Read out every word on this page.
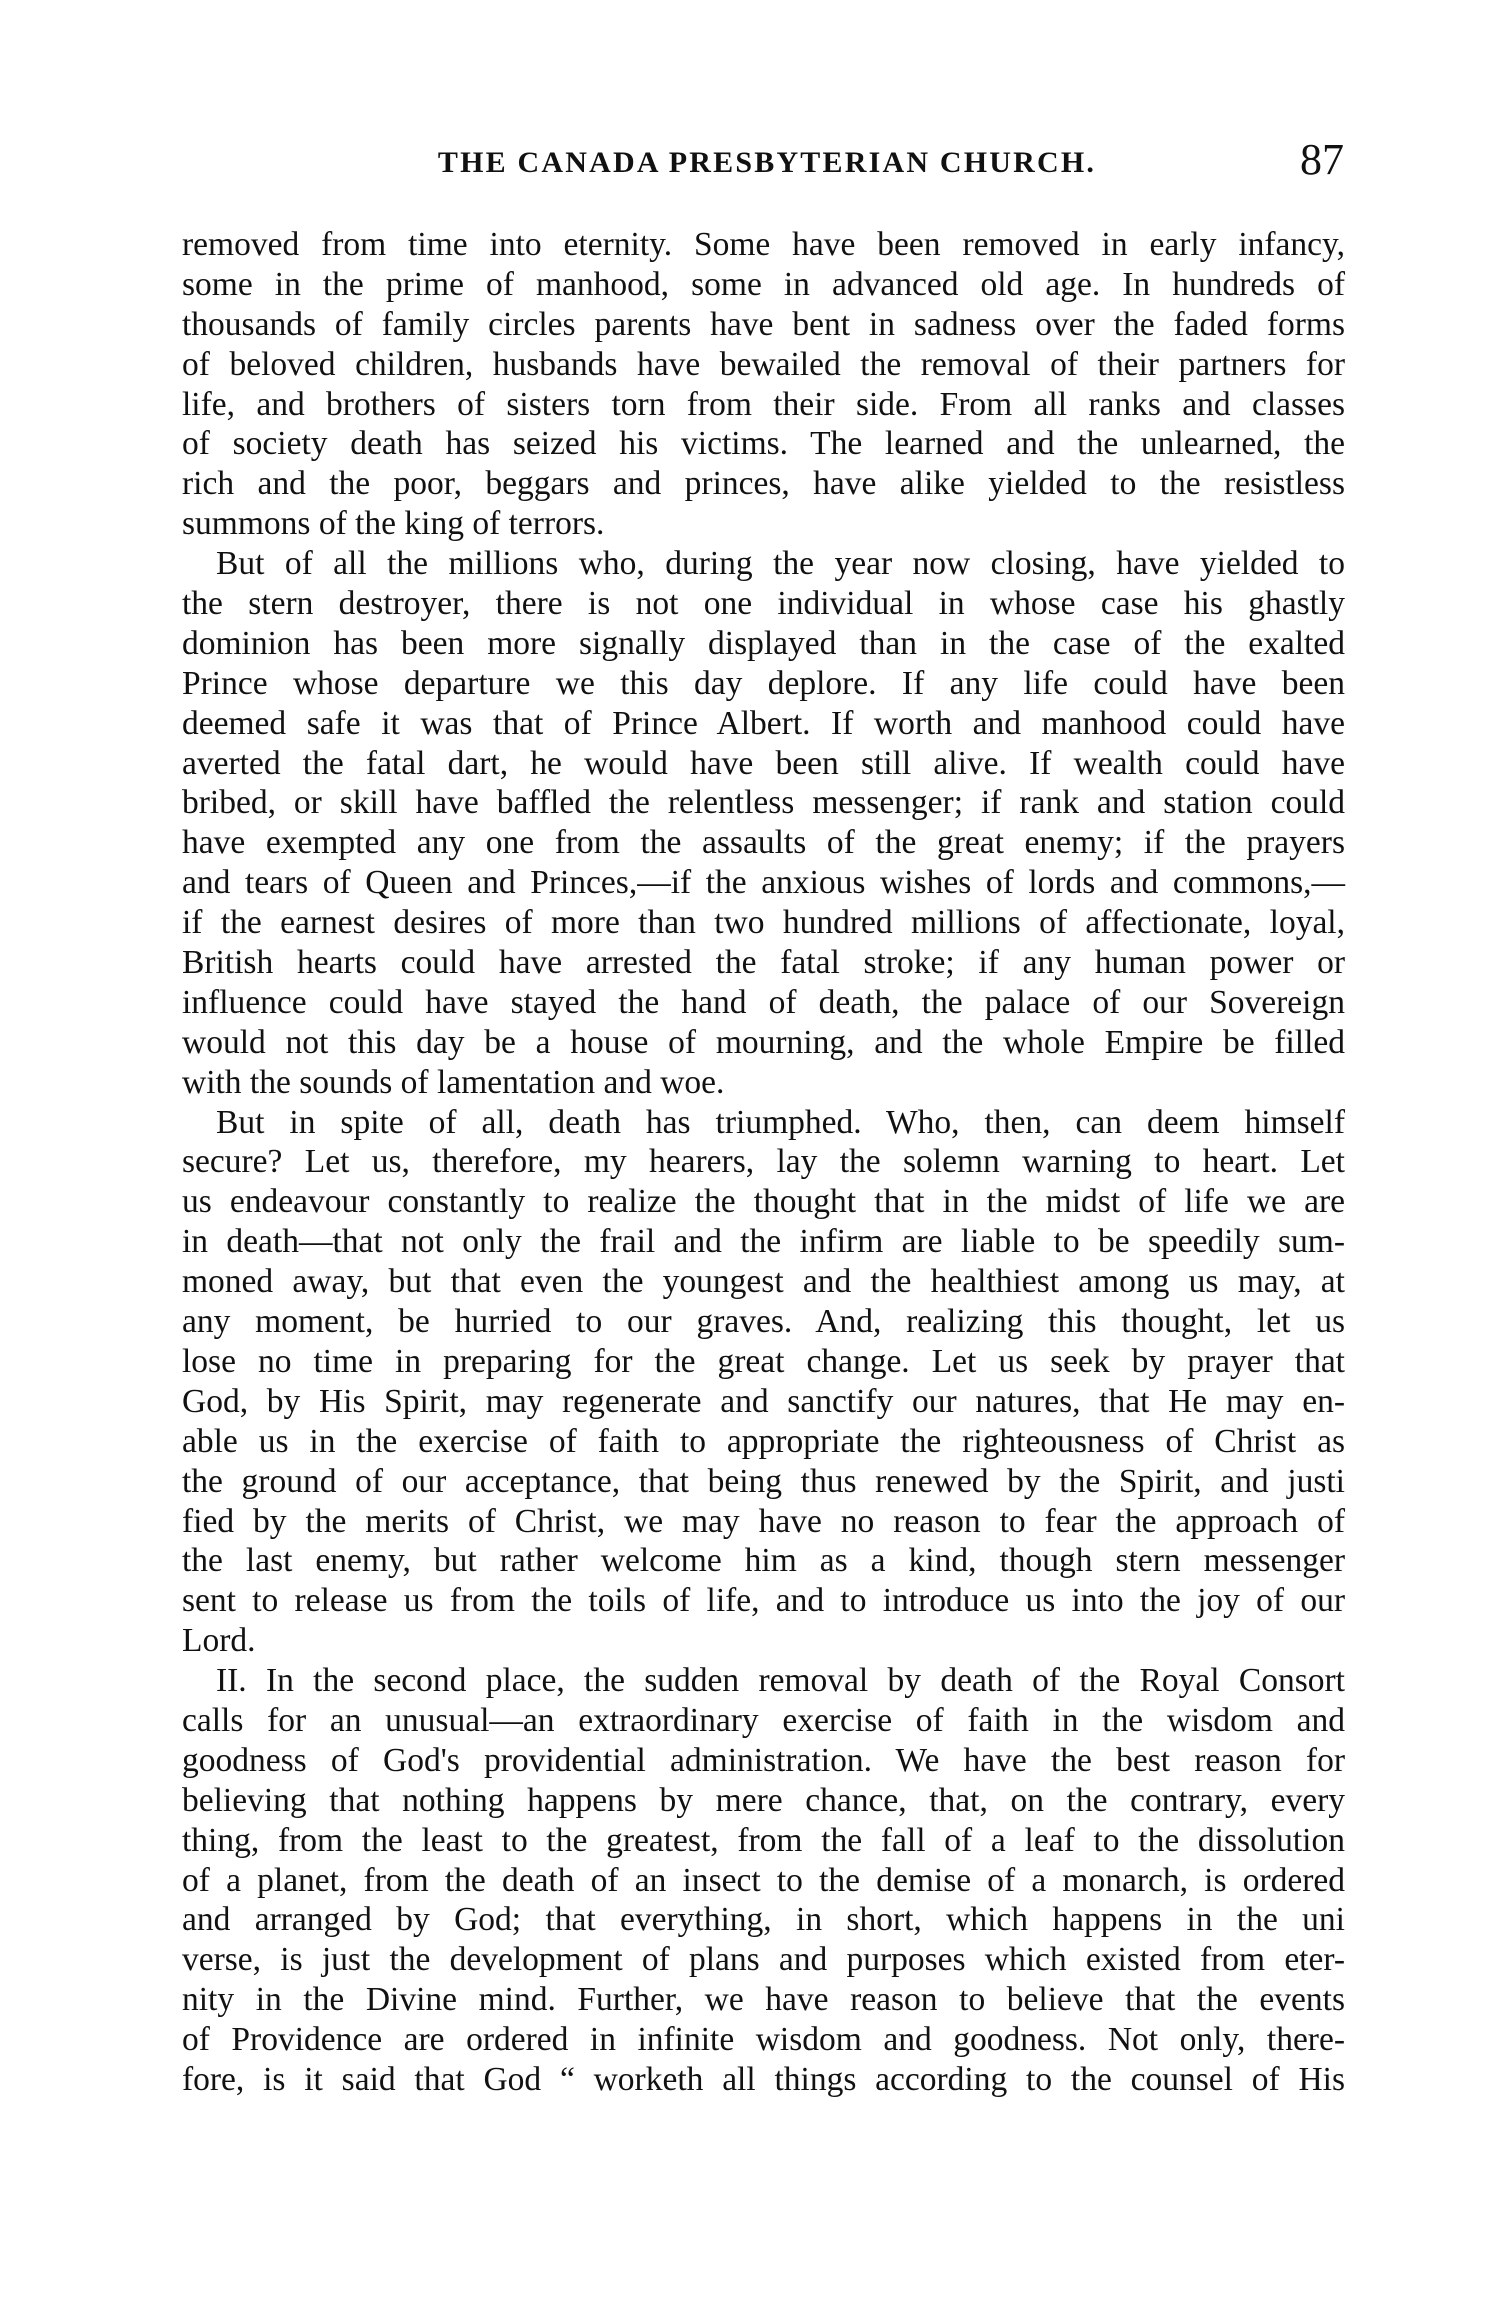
THE CANADA PRESBYTERIAN CHURCH.	87
removed from time into eternity. Some have been removed in early infancy,
some in the prime of manhood, some in advanced old age. In hundreds of
thousands of family circles parents have bent in sadness over the faded forms
of beloved children, husbands have bewailed the removal of their partners for
life, and brothers of sisters torn from their side. From all ranks and classes
of society death has seized his victims. The learned and the unlearned, the
rich and the poor, beggars and princes, have alike yielded to the resistless
summons of the king of terrors.
But of all the millions who, during the year now closing, have yielded to
the stern destroyer, there is not one individual in whose case his ghastly
dominion has been more signally displayed than in the case of the exalted
Prince whose departure we this day deplore. If any life could have been
deemed safe it was that of Prince Albert. If worth and manhood could have
averted the fatal dart, he would have been still alive. If wealth could have
bribed, or skill have baffled the relentless messenger; if rank and station could
have exempted any one from the assaults of the great enemy; if the prayers
and tears of Queen and Princes,—if the anxious wishes of lords and commons,—
if the earnest desires of more than two hundred millions of affectionate, loyal,
British hearts could have arrested the fatal stroke; if any human power or
influence could have stayed the hand of death, the palace of our Sovereign
would not this day be a house of mourning, and the whole Empire be filled
with the sounds of lamentation and woe.
But in spite of all, death has triumphed. Who, then, can deem himself
secure? Let us, therefore, my hearers, lay the solemn warning to heart. Let
us endeavour constantly to realize the thought that in the midst of life we are
in death—that not only the frail and the infirm are liable to be speedily sum-
moned away, but that even the youngest and the healthiest among us may, at
any moment, be hurried to our graves. And, realizing this thought, let us
lose no time in preparing for the great change. Let us seek by prayer that
God, by His Spirit, may regenerate and sanctify our natures, that He may en-
able us in the exercise of faith to appropriate the righteousness of Christ as
the ground of our acceptance, that being thus renewed by the Spirit, and justi
fied by the merits of Christ, we may have no reason to fear the approach of
the last enemy, but rather welcome him as a kind, though stern messenger
sent to release us from the toils of life, and to introduce us into the joy of our
Lord.
II. In the second place, the sudden removal by death of the Royal Consort
calls for an unusual—an extraordinary exercise of faith in the wisdom and
goodness of God's providential administration. We have the best reason for
believing that nothing happens by mere chance, that, on the contrary, every
thing, from the least to the greatest, from the fall of a leaf to the dissolution
of a planet, from the death of an insect to the demise of a monarch, is ordered
and arranged by God; that everything, in short, which happens in the uni
verse, is just the development of plans and purposes which existed from eter-
nity in the Divine mind. Further, we have reason to believe that the events
of Providence are ordered in infinite wisdom and goodness. Not only, there-
fore, is it said that God “ worketh all things according to the counsel of His
